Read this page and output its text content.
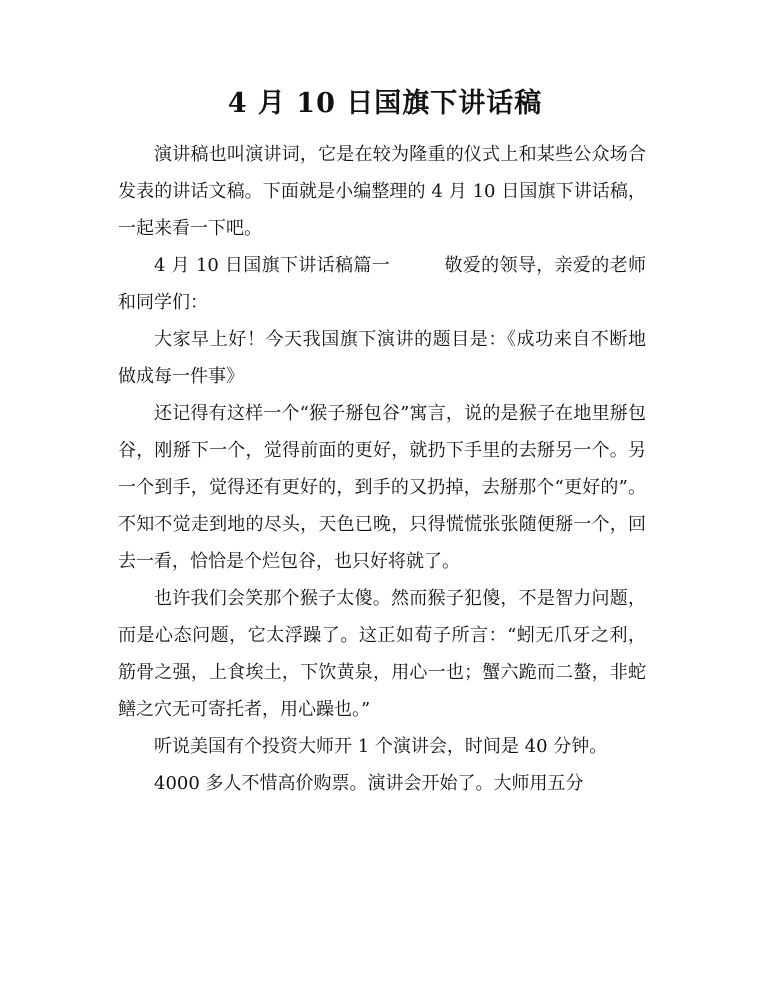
4 月 10 日国旗下讲话稿

演讲稿也叫演讲词，它是在较为隆重的仪式上和某些公众场合发表的讲话文稿。下面就是小编整理的 4 月 10 日国旗下讲话稿，一起来看一下吧。

4 月 10 日国旗下讲话稿篇一	敬爱的领导，亲爱的老师和同学们：

大家早上好！今天我国旗下演讲的题目是：《成功来自不断地做成每一件事》

还记得有这样一个“猴子掰包谷”寓言，说的是猴子在地里掰包谷，刚掰下一个，觉得前面的更好，就扔下手里的去掰另一个。另一个到手，觉得还有更好的，到手的又扔掉，去掰那个“更好的”。不知不觉走到地的尽头，天色已晚，只得慌慌张张随便掰一个，回去一看，恰恰是个烂包谷，也只好将就了。

也许我们会笑那个猴子太傻。然而猴子犯傻，不是智力问题，而是心态问题，它太浮躁了。这正如荀子所言：“蚓无爪牙之利，筋骨之强，上食埃土，下饮黄泉，用心一也；蟹六跪而二螯，非蛇鳝之穴无可寄托者，用心躁也。”

听说美国有个投资大师开 1 个演讲会，时间是 40 分钟。

4000 多人不惜高价购票。演讲会开始了。大师用五分
